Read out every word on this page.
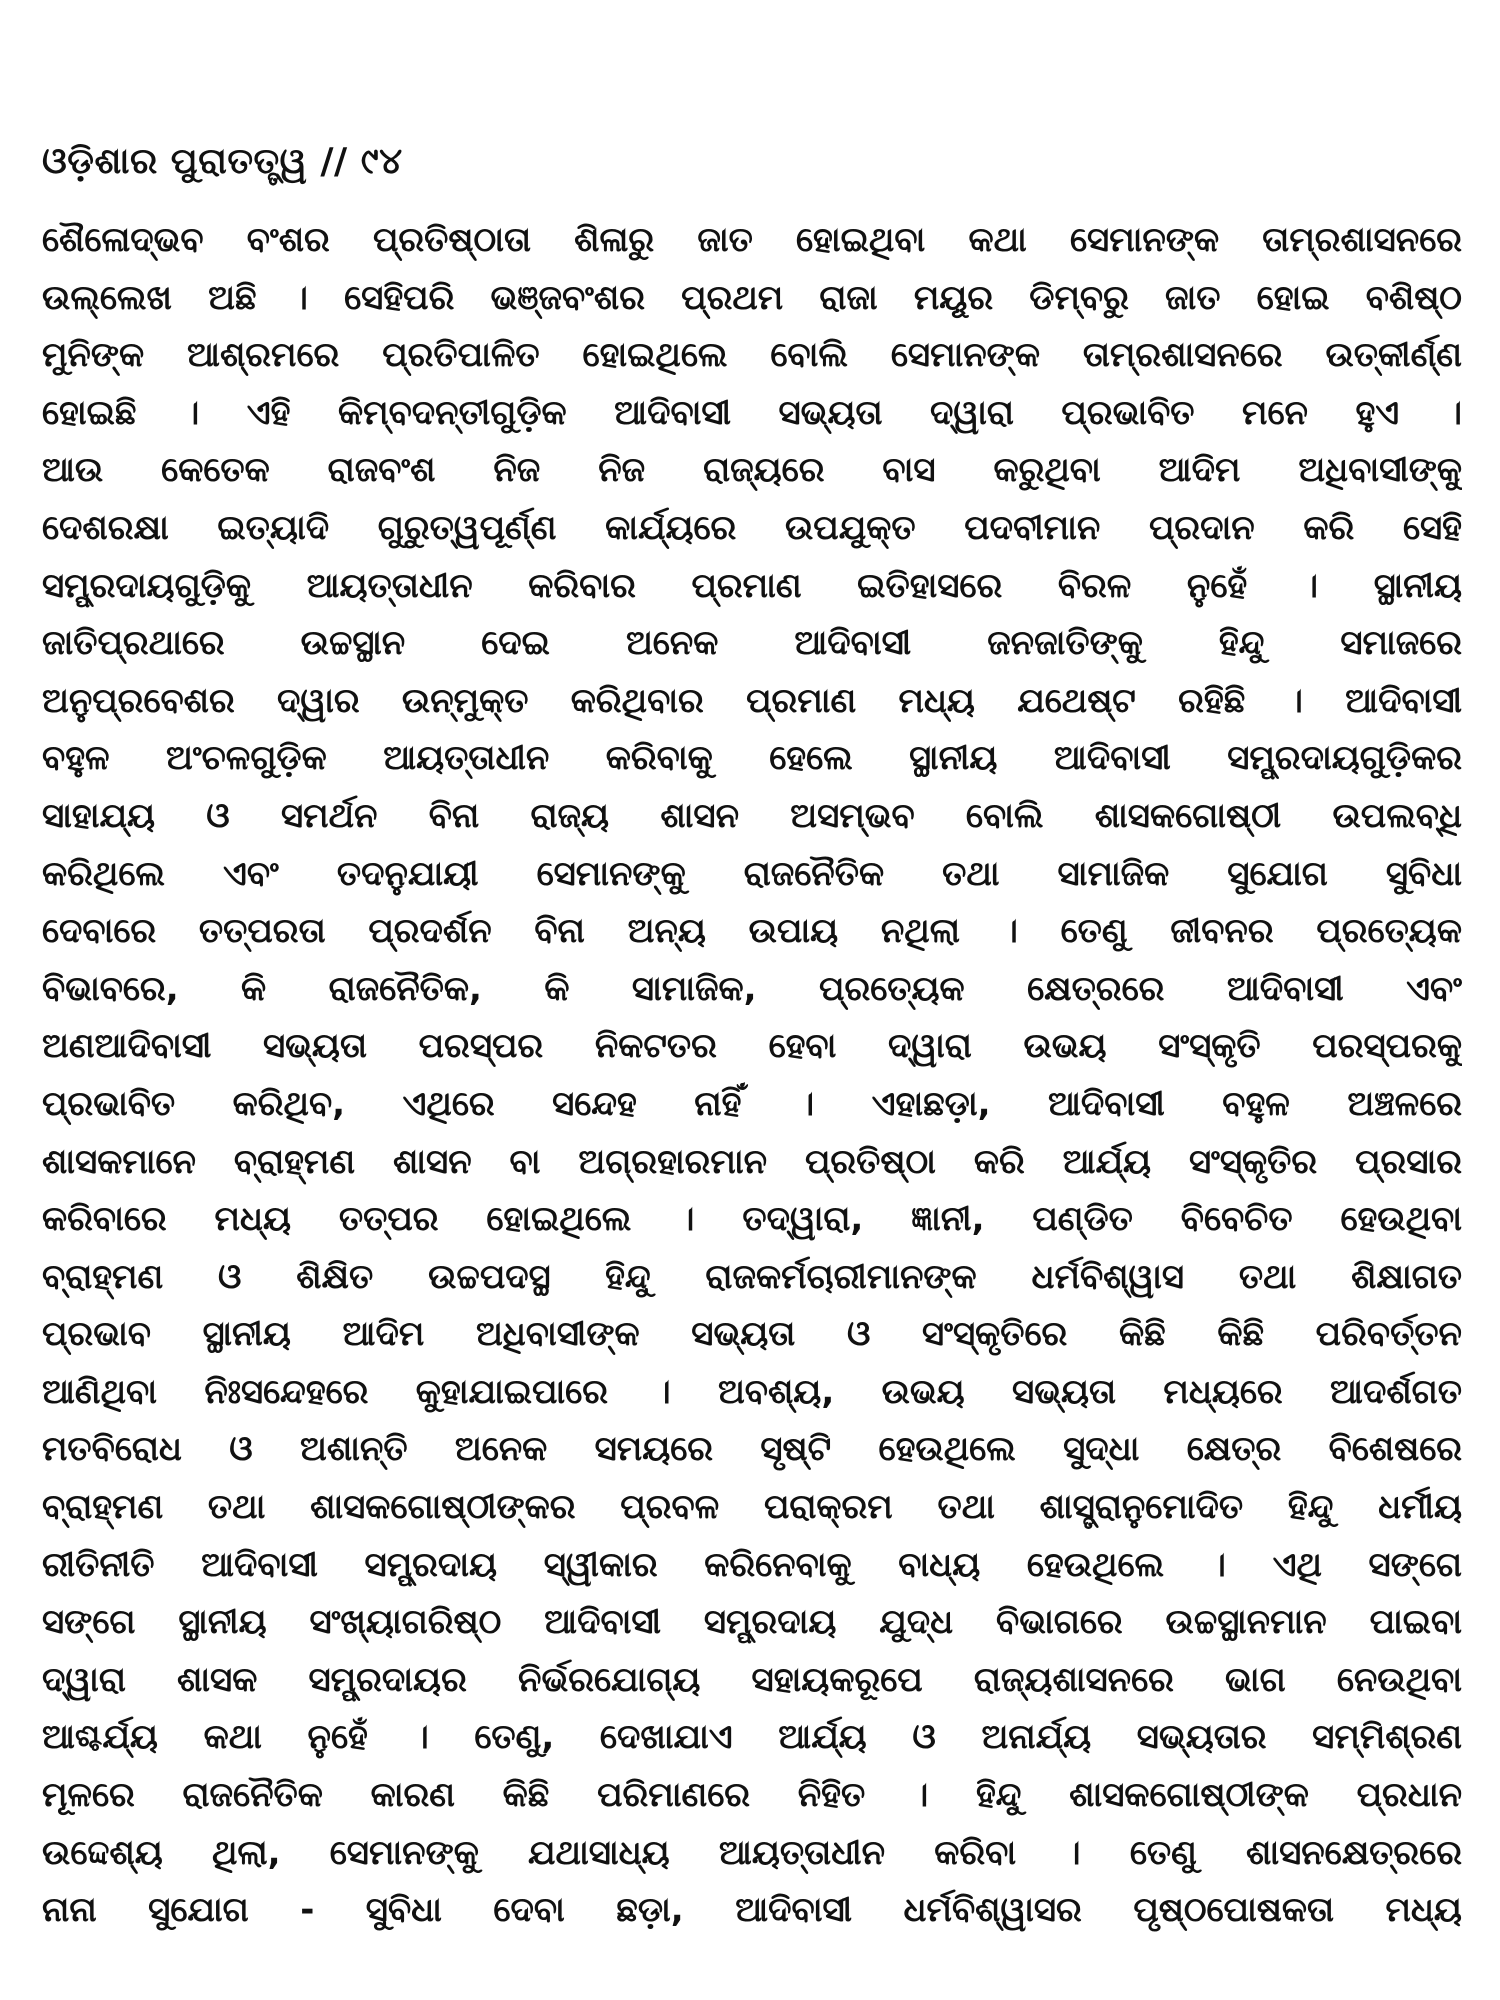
ଓଡ଼ିଶାର ପୁରାତତ୍ତ୍ୱ // ୯୪
ଶୈଳୋଦ୍ଭବ ବଂଶର ପ୍ରତିଷ୍ଠାତା ଶିଳାରୁ ଜାତ ହୋଇଥିବା କଥା ସେମାନଙ୍କ ତାମ୍ରଶାସନରେ
ଉଲ୍ଲେଖ ଅଛି । ସେହିପରି ଭଞ୍ଜବଂଶର ପ୍ରଥମ ରାଜା ମୟୂର ଡିମ୍ବରୁ ଜାତ ହୋଇ ବଶିଷ୍ଠ
ମୁନିଙ୍କ ଆଶ୍ରମରେ ପ୍ରତିପାଳିତ ହୋଇଥିଲେ ବୋଲି ସେମାନଙ୍କ ତାମ୍ରଶାସନରେ ଉତ୍କୀର୍ଣ୍ଣ
ହୋଇଛି । ଏହି କିମ୍ବଦନ୍ତୀଗୁଡ଼ିକ ଆଦିବାସୀ ସଭ୍ୟତା ଦ୍ୱାରା ପ୍ରଭାବିତ ମନେ ହୁଏ ।
ଆଉ କେତେକ ରାଜବଂଶ ନିଜ ନିଜ ରାଜ୍ୟରେ ବାସ କରୁଥିବା ଆଦିମ ଅଧିବାସୀଙ୍କୁ
ଦେଶରକ୍ଷା ଇତ୍ୟାଦି ଗୁରୁତ୍ୱପୂର୍ଣ୍ଣ କାର୍ଯ୍ୟରେ ଉପଯୁକ୍ତ ପଦବୀମାନ ପ୍ରଦାନ କରି ସେହି
ସମ୍ପ୍ରଦାୟଗୁଡ଼ିକୁ ଆୟତ୍ତାଧୀନ କରିବାର ପ୍ରମାଣ ଇତିହାସରେ ବିରଳ ନୁହେଁ । ସ୍ଥାନୀୟ
ଜାତିପ୍ରଥାରେ ଉଚ୍ଚସ୍ଥାନ ଦେଇ ଅନେକ ଆଦିବାସୀ ଜନଜାତିଙ୍କୁ ହିନ୍ଦୁ ସମାଜରେ
ଅନୁପ୍ରବେଶର ଦ୍ୱାର ଉନ୍ମୁକ୍ତ କରିଥିବାର ପ୍ରମାଣ ମଧ୍ୟ ଯଥେଷ୍ଟ ରହିଛି । ଆଦିବାସୀ
ବହୁଳ ଅଂଚଳଗୁଡ଼ିକ ଆୟତ୍ତାଧୀନ କରିବାକୁ ହେଲେ ସ୍ଥାନୀୟ ଆଦିବାସୀ ସମ୍ପ୍ରଦାୟଗୁଡ଼ିକର
ସାହାଯ୍ୟ ଓ ସମର୍ଥନ ବିନା ରାଜ୍ୟ ଶାସନ ଅସମ୍ଭବ ବୋଲି ଶାସକଗୋଷ୍ଠୀ ଉପଲବ୍ଧି
କରିଥିଲେ ଏବଂ ତଦନୁଯାୟୀ ସେମାନଙ୍କୁ ରାଜନୈତିକ ତଥା ସାମାଜିକ ସୁଯୋଗ ସୁବିଧା
ଦେବାରେ ତତ୍ପରତା ପ୍ରଦର୍ଶନ ବିନା ଅନ୍ୟ ଉପାୟ ନଥିଲା । ତେଣୁ ଜୀବନର ପ୍ରତ୍ୟେକ
ବିଭାବରେ, କି ରାଜନୈତିକ, କି ସାମାଜିକ, ପ୍ରତ୍ୟେକ କ୍ଷେତ୍ରରେ ଆଦିବାସୀ ଏବଂ
ଅଣଆଦିବାସୀ ସଭ୍ୟତା ପରସ୍ପର ନିକଟତର ହେବା ଦ୍ୱାରା ଉଭୟ ସଂସ୍କୃତି ପରସ୍ପରକୁ
ପ୍ରଭାବିତ କରିଥିବ, ଏଥିରେ ସନ୍ଦେହ ନାହିଁ । ଏହାଛଡ଼ା, ଆଦିବାସୀ ବହୁଳ ଅଞ୍ଚଳରେ
ଶାସକମାନେ ବ୍ରାହ୍ମଣ ଶାସନ ବା ଅଗ୍ରହାରମାନ ପ୍ରତିଷ୍ଠା କରି ଆର୍ଯ୍ୟ ସଂସ୍କୃତିର ପ୍ରସାର
କରିବାରେ ମଧ୍ୟ ତତ୍ପର ହୋଇଥିଲେ । ତଦ୍ୱାରା, ଜ୍ଞାନୀ, ପଣ୍ଡିତ ବିବେଚିତ ହେଉଥିବା
ବ୍ରାହ୍ମଣ ଓ ଶିକ୍ଷିତ ଉଚ୍ଚପଦସ୍ଥ ହିନ୍ଦୁ ରାଜକର୍ମଚାରୀମାନଙ୍କ ଧର୍ମବିଶ୍ୱାସ ତଥା ଶିକ୍ଷାଗତ
ପ୍ରଭାବ ସ୍ଥାନୀୟ ଆଦିମ ଅଧିବାସୀଙ୍କ ସଭ୍ୟତା ଓ ସଂସ୍କୃତିରେ କିଛି କିଛି ପରିବର୍ତ୍ତନ
ଆଣିଥିବା ନିଃସନ୍ଦେହରେ କୁହାଯାଇପାରେ । ଅବଶ୍ୟ, ଉଭୟ ସଭ୍ୟତା ମଧ୍ୟରେ ଆଦର୍ଶଗତ
ମତବିରୋଧ ଓ ଅଶାନ୍ତି ଅନେକ ସମୟରେ ସୃଷ୍ଟି ହେଉଥିଲେ ସୁଦ୍ଧା କ୍ଷେତ୍ର ବିଶେଷରେ
ବ୍ରାହ୍ମଣ ତଥା ଶାସକଗୋଷ୍ଠୀଙ୍କର ପ୍ରବଳ ପରାକ୍ରମ ତଥା ଶାସ୍ତ୍ରାନୁମୋଦିତ ହିନ୍ଦୁ ଧର୍ମୀୟ
ରୀତିନୀତି ଆଦିବାସୀ ସମ୍ପ୍ରଦାୟ ସ୍ୱୀକାର କରିନେବାକୁ ବାଧ୍ୟ ହେଉଥିଲେ । ଏଥି ସଙ୍ଗେ
ସଙ୍ଗେ ସ୍ଥାନୀୟ ସଂଖ୍ୟାଗରିଷ୍ଠ ଆଦିବାସୀ ସମ୍ପ୍ରଦାୟ ଯୁଦ୍ଧ ବିଭାଗରେ ଉଚ୍ଚସ୍ଥାନମାନ ପାଇବା
ଦ୍ୱାରା ଶାସକ ସମ୍ପ୍ରଦାୟର ନିର୍ଭରଯୋଗ୍ୟ ସହାୟକରୂପେ ରାଜ୍ୟଶାସନରେ ଭାଗ ନେଉଥିବା
ଆଶ୍ଚର୍ଯ୍ୟ କଥା ନୁହେଁ । ତେଣୁ, ଦେଖାଯାଏ ଆର୍ଯ୍ୟ ଓ ଅନାର୍ଯ୍ୟ ସଭ୍ୟତାର ସମ୍ମିଶ୍ରଣ
ମୂଳରେ ରାଜନୈତିକ କାରଣ କିଛି ପରିମାଣରେ ନିହିତ । ହିନ୍ଦୁ ଶାସକଗୋଷ୍ଠୀଙ୍କ ପ୍ରଧାନ
ଉଦ୍ଦେଶ୍ୟ ଥିଲା, ସେମାନଙ୍କୁ ଯଥାସାଧ୍ୟ ଆୟତ୍ତାଧୀନ କରିବା । ତେଣୁ ଶାସନକ୍ଷେତ୍ରରେ
ନାନା ସୁଯୋଗ - ସୁବିଧା ଦେବା ଛଡ଼ା, ଆଦିବାସୀ ଧର୍ମବିଶ୍ୱାସର ପୃଷ୍ଠପୋଷକତା ମଧ୍ୟ
